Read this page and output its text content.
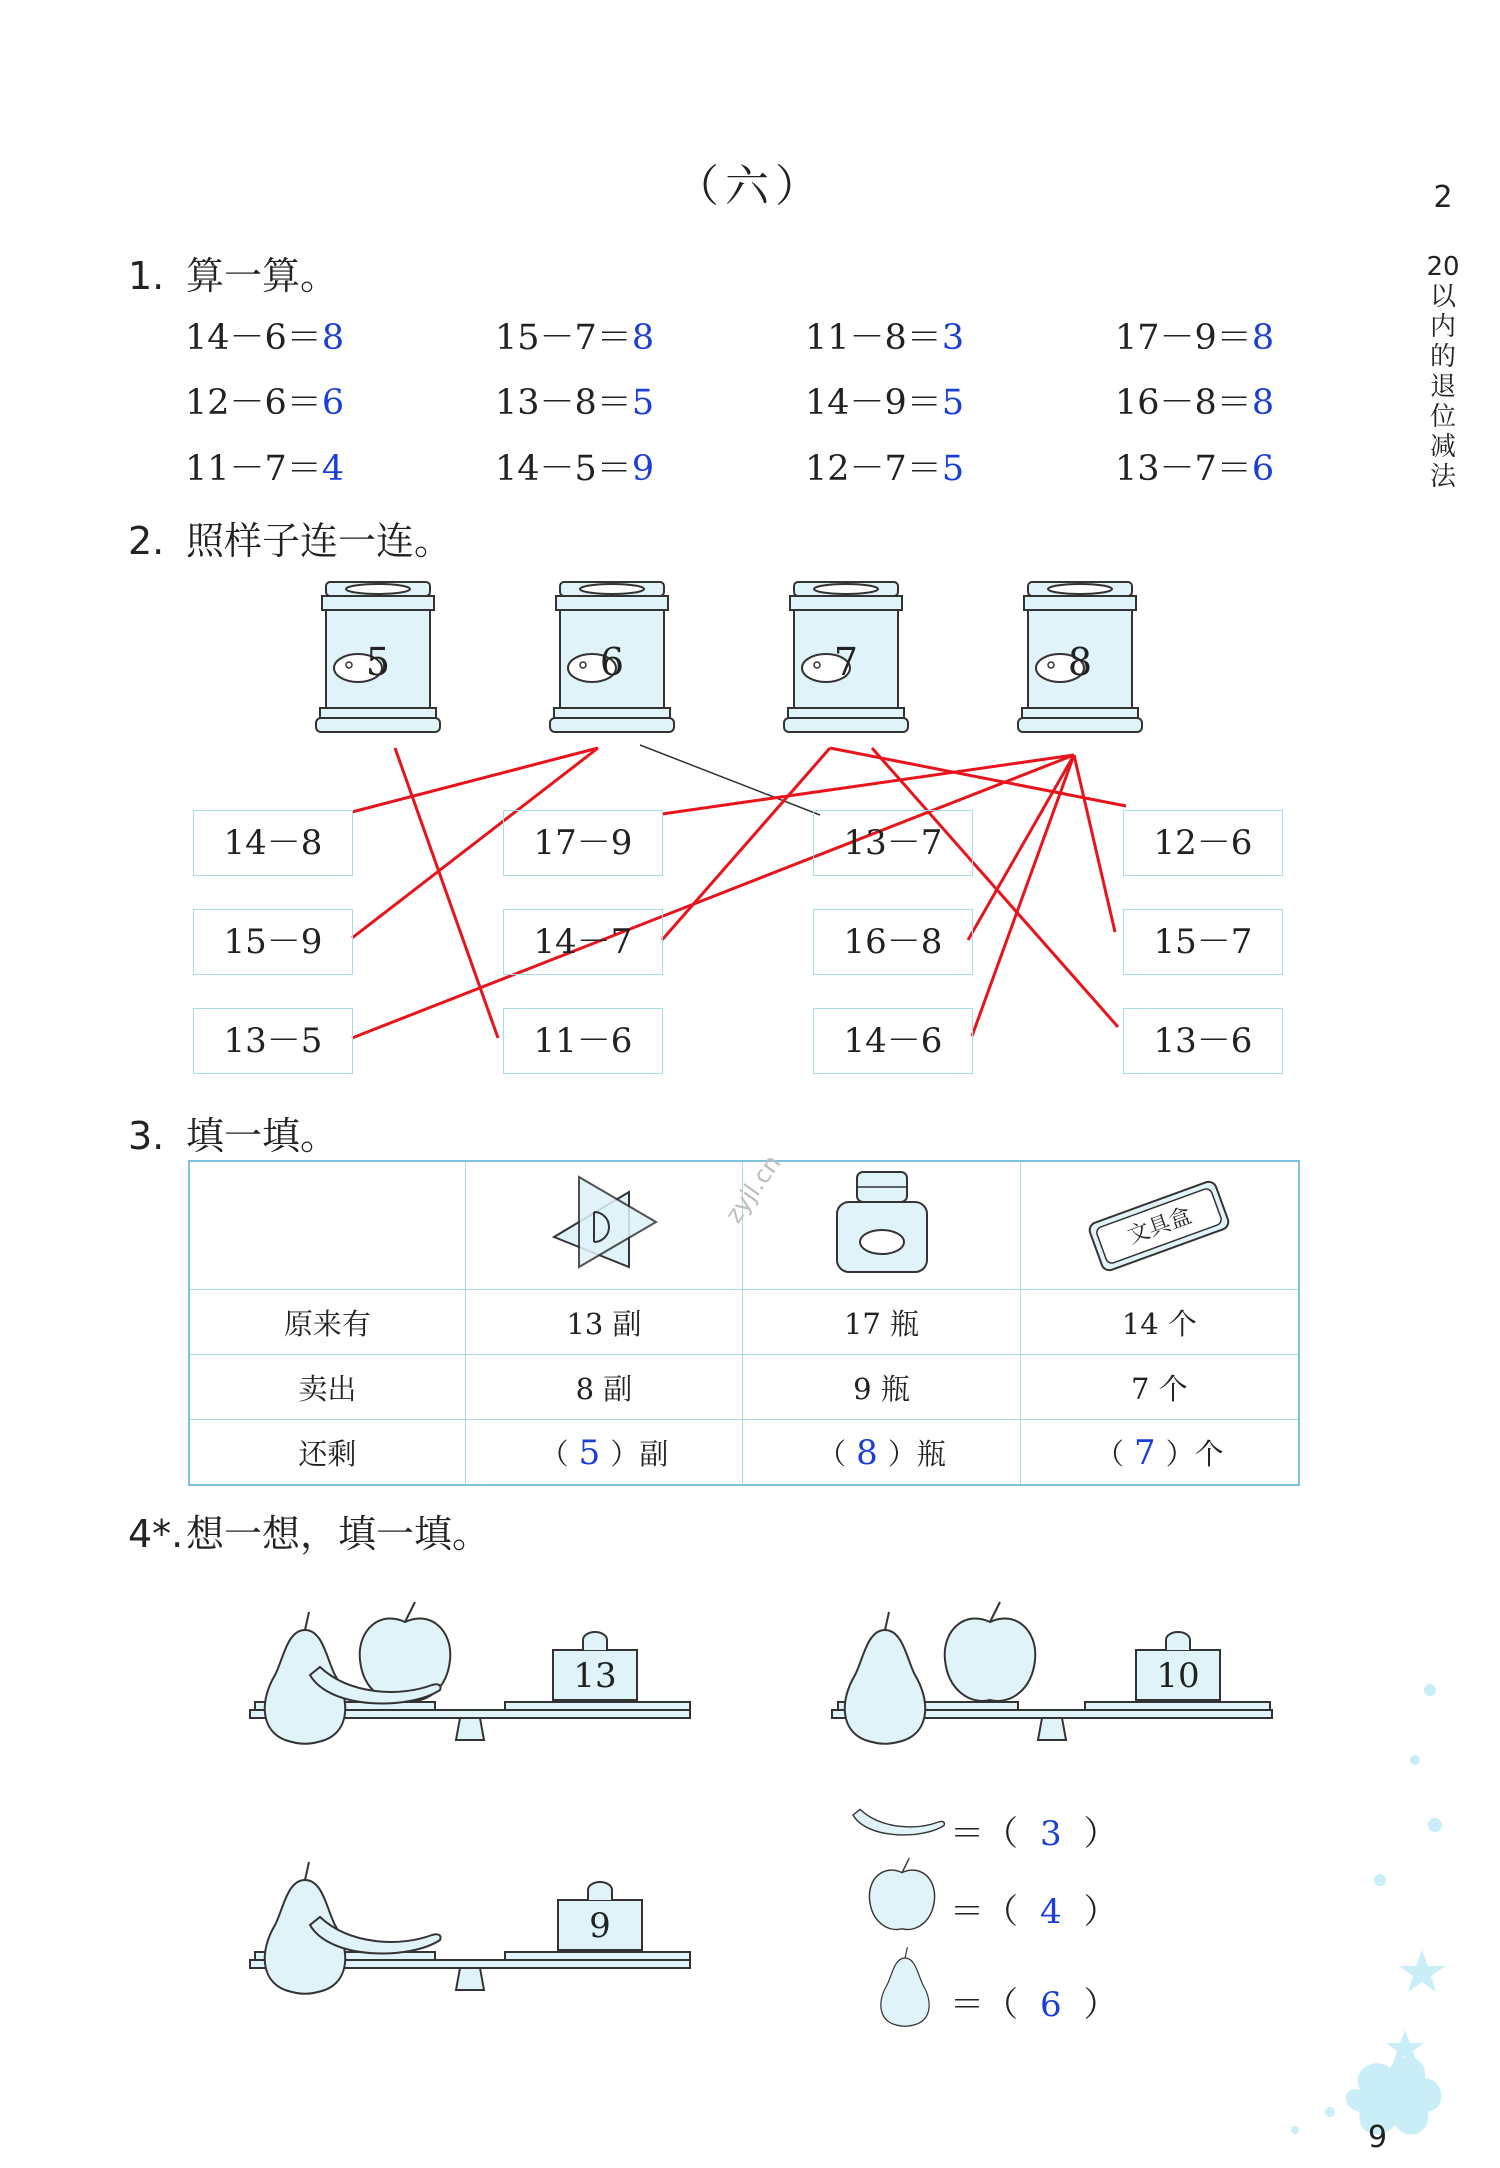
（六）	2
20以内的退位减法
1. 算一算。
14－6＝8	15－7＝8	11－8＝3	17－9＝8
12－6＝6	13－8＝5	14－9＝5	16－8＝8
11－7＝4	14－5＝9	12－7＝5	13－7＝6
2. 照样子连一连。
5	6	7	8
14－8	17－9	13－7	12－6
15－9	14－7	16－8	15－7
13－5	11－6	14－6	13－6
3. 填一填。

文具盒

原来有	13 副	17 瓶	14 个
卖出	8 副	9 瓶	7 个
还剩	（ 5 ）副	（ 8 ）瓶	（ 7 ）个
zyjl.cn
4*.想一想，填一填。
13	10
9
＝（ 3 ）
＝（ 4 ）
＝（ 6 ）
9
